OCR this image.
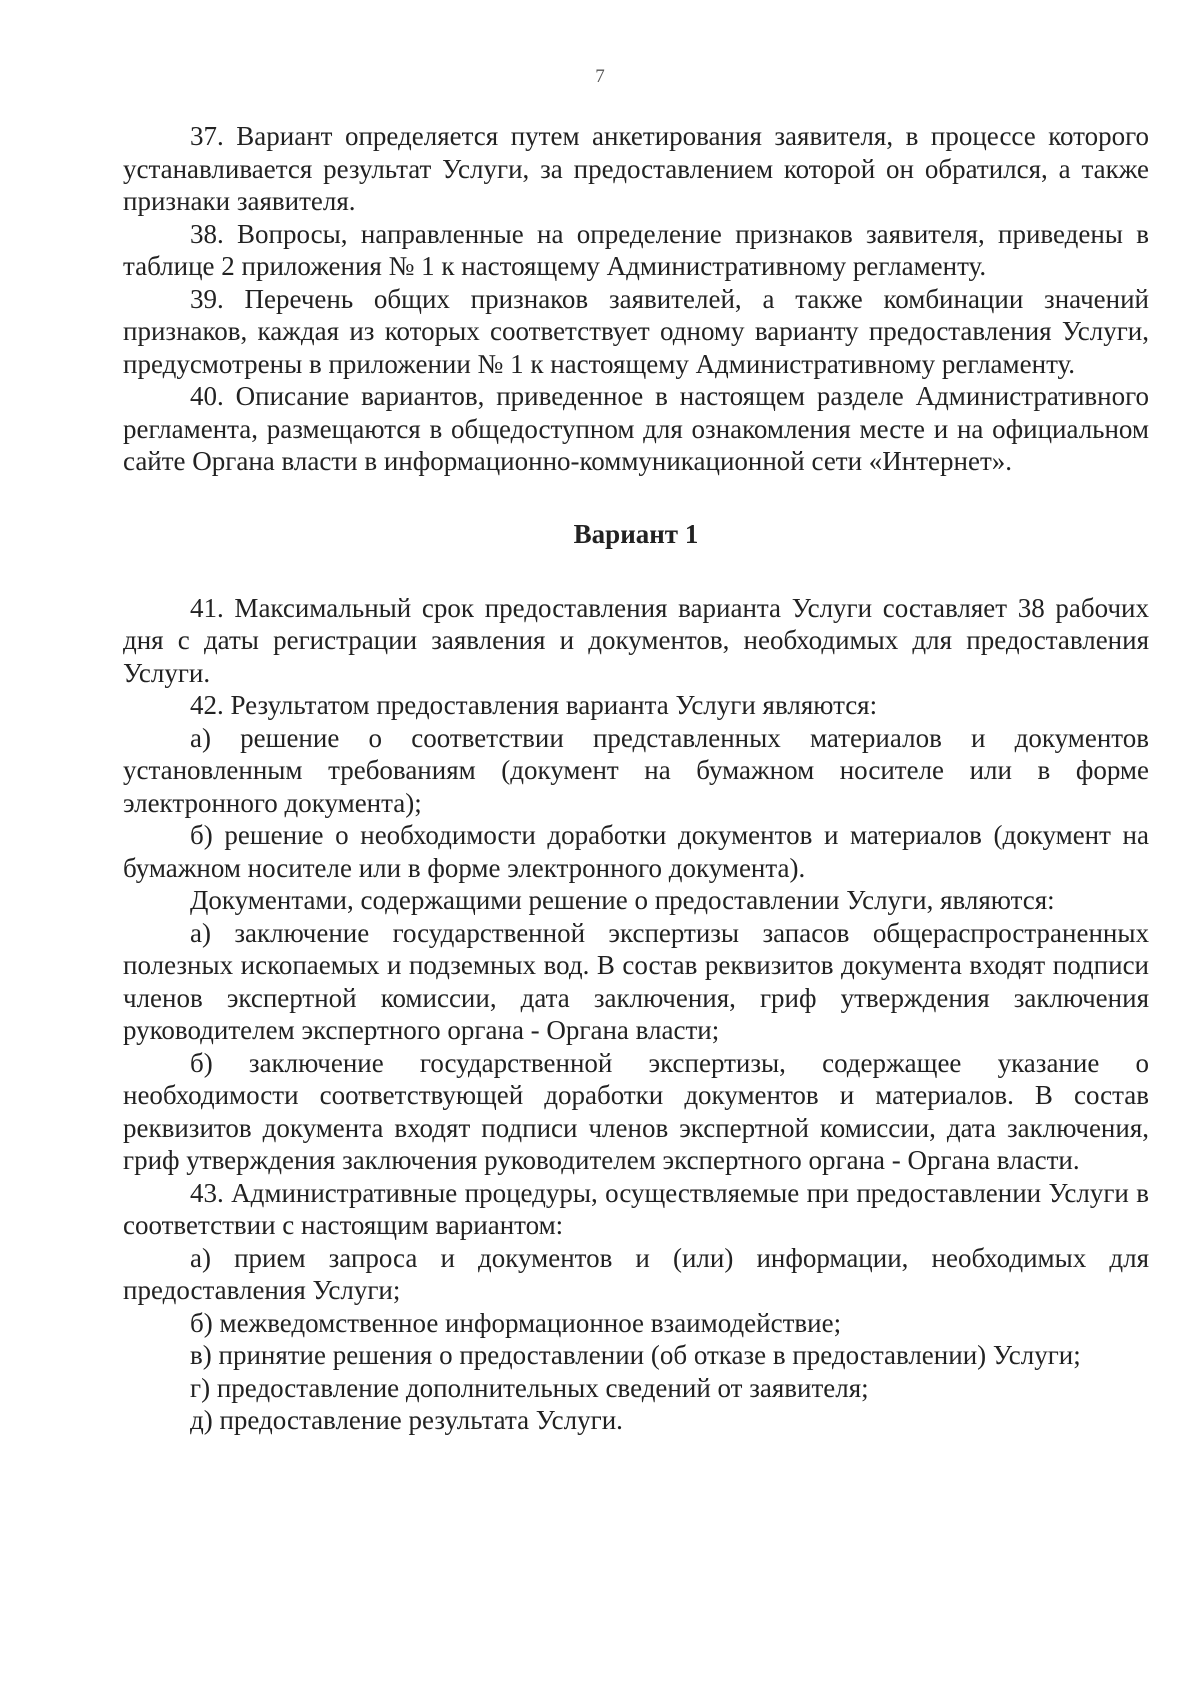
7

37. Вариант определяется путем анкетирования заявителя, в процессе которого устанавливается результат Услуги, за предоставлением которой он обратился, а также признаки заявителя.

38. Вопросы, направленные на определение признаков заявителя, приведены в таблице 2 приложения № 1 к настоящему Административному регламенту.

39. Перечень общих признаков заявителей, а также комбинации значений признаков, каждая из которых соответствует одному варианту предоставления Услуги, предусмотрены в приложении № 1 к настоящему Административному регламенту.

40. Описание вариантов, приведенное в настоящем разделе Административного регламента, размещаются в общедоступном для ознакомления месте и на официальном сайте Органа власти в информационно-коммуникационной сети «Интернет».

Вариант 1

41. Максимальный срок предоставления варианта Услуги составляет 38 рабочих дня с даты регистрации заявления и документов, необходимых для предоставления Услуги.

42. Результатом предоставления варианта Услуги являются:

а) решение о соответствии представленных материалов и документов установленным требованиям (документ на бумажном носителе или в форме электронного документа);

б) решение о необходимости доработки документов и материалов (документ на бумажном носителе или в форме электронного документа).

Документами, содержащими решение о предоставлении Услуги, являются:

а) заключение государственной экспертизы запасов общераспространенных полезных ископаемых и подземных вод. В состав реквизитов документа входят подписи членов экспертной комиссии, дата заключения, гриф утверждения заключения руководителем экспертного органа - Органа власти;

б) заключение государственной экспертизы, содержащее указание о необходимости соответствующей доработки документов и материалов. В состав реквизитов документа входят подписи членов экспертной комиссии, дата заключения, гриф утверждения заключения руководителем экспертного органа - Органа власти.

43. Административные процедуры, осуществляемые при предоставлении Услуги в соответствии с настоящим вариантом:

а) прием запроса и документов и (или) информации, необходимых для предоставления Услуги;

б) межведомственное информационное взаимодействие;

в) принятие решения о предоставлении (об отказе в предоставлении) Услуги;

г) предоставление дополнительных сведений от заявителя;

д) предоставление результата Услуги.
